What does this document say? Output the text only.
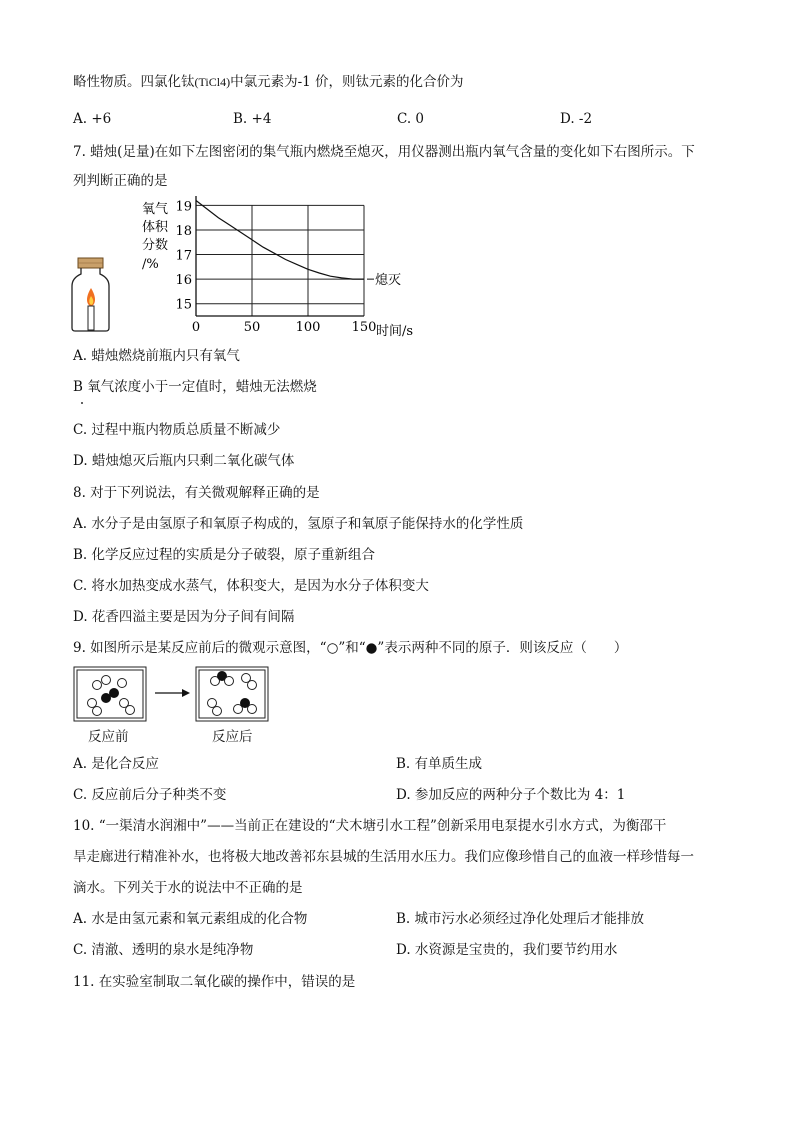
略性物质。四氯化钛(TiCl4)中氯元素为-1 价，则钛元素的化合价为
A. +6	B. +4	C. 0	D. -2
7. 蜡烛(足量)在如下左图密闭的集气瓶内燃烧至熄灭，用仪器测出瓶内氧气含量的变化如下右图所示。下
列判断正确的是
氧气
体积
分数
/%
15
16
17
18
19
0	50	100 150
熄灭
时间/s
A. 蜡烛燃烧前瓶内只有氧气
B 氧气浓度小于一定值时，蜡烛无法燃烧
C. 过程中瓶内物质总质量不断减少
D. 蜡烛熄灭后瓶内只剩二氧化碳气体
8. 对于下列说法，有关微观解释正确的是
A. 水分子是由氢原子和氧原子构成的，氢原子和氧原子能保持水的化学性质
B. 化学反应过程的实质是分子破裂，原子重新组合
C. 将水加热变成水蒸气，体积变大，是因为水分子体积变大
D. 花香四溢主要是因为分子间有间隔
9. 如图所示是某反应前后的微观示意图，“○”和“●”表示两种不同的原子．则该反应（　　）
反应前	反应后
A. 是化合反应	B. 有单质生成
C. 反应前后分子种类不变	D. 参加反应的两种分子个数比为 4：1
10. “一渠清水润湘中”——当前正在建设的“犬木塘引水工程”创新采用电泵提水引水方式，为衡邵干
旱走廊进行精准补水，也将极大地改善祁东县城的生活用水压力。我们应像珍惜自己的血液一样珍惜每一
滴水。下列关于水的说法中不正确的是
A. 水是由氢元素和氧元素组成的化合物	B. 城市污水必须经过净化处理后才能排放
C. 清澈、透明的泉水是纯净物	D. 水资源是宝贵的，我们要节约用水
11. 在实验室制取二氧化碳的操作中，错误的是
